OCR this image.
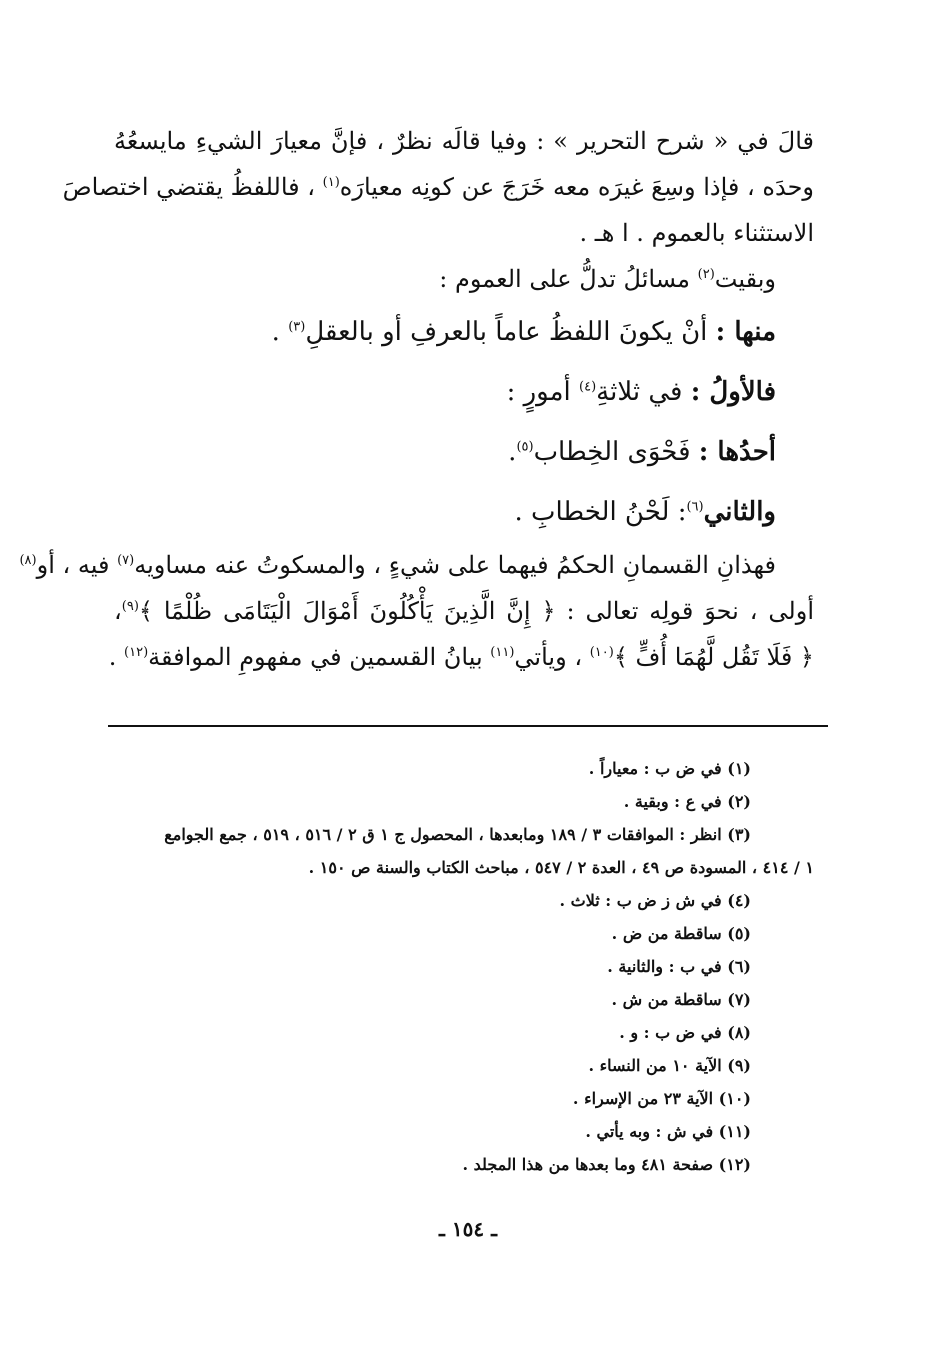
قالَ في « شرح التحرير » : وفيا قالَه نظرٌ ، فإنَّ معيارَ الشيءِ مايسعُهُ
وحدَه ، فإذا وسِعَ غيرَه معه خَرَجَ عن كونِه معيارَه$^{(١)}$ ، فاللفظُ يقتضي اختصاصَ
الاستثناء بالعموم . ا هـ .
وبقيت$^{(٢)}$ مسائلُ تدلُّ على العموم :
منها : أنْ يكونَ اللفظُ عاماً بالعرفِ أو بالعقلِ$^{(٣)}$ .
فالأولُ : في ثلاثةِ$^{(٤)}$ أمورٍ :
أحدُها : فَحْوَى الخِطاب$^{(٥)}$.
والثاني$^{(٦)}$: لَحْنُ الخطابِ .
فهذانِ القسمانِ الحكمُ فيهما على شيءٍ ، والمسكوتُ عنه مساويه$^{(٧)}$ فيه ، أو$^{(٨)}$
أولى ، نحوَ قولِه تعالى : ﴿ إِنَّ الَّذِينَ يَأْكُلُونَ أَمْوَالَ الْيَتَامَى ظُلْمًا ﴾$^{(٩)}$،
﴿ فَلَا تَقُل لَّهُمَا أُفٍّ ﴾$^{(١٠)}$ ، ويأتي$^{(١١)}$ بيانُ القسمين في مفهومِ الموافقة$^{(١٢)}$ .
(١) في ض ب : معياراً .
(٢) في ع : وبقية .
(٣) انظر : الموافقات ٣ / ١٨٩ ومابعدها ، المحصول ج ١ ق ٢ / ٥١٦ ، ٥١٩ ، جمع الجوامع
١ / ٤١٤ ، المسودة ص ٤٩ ، العدة ٢ / ٥٤٧ ، مباحث الكتاب والسنة ص ١٥٠ .
(٤) في ش ز ض ب : ثلاث .
(٥) ساقطة من ض .
(٦) في ب : والثانية .
(٧) ساقطة من ش .
(٨) في ض ب : و .
(٩) الآية ١٠ من النساء .
(١٠) الآية ٢٣ من الإسراء .
(١١) في ش : وبه يأتي .
(١٢) صفحة ٤٨١ وما بعدها من هذا المجلد .
ـ ١٥٤ ـ
